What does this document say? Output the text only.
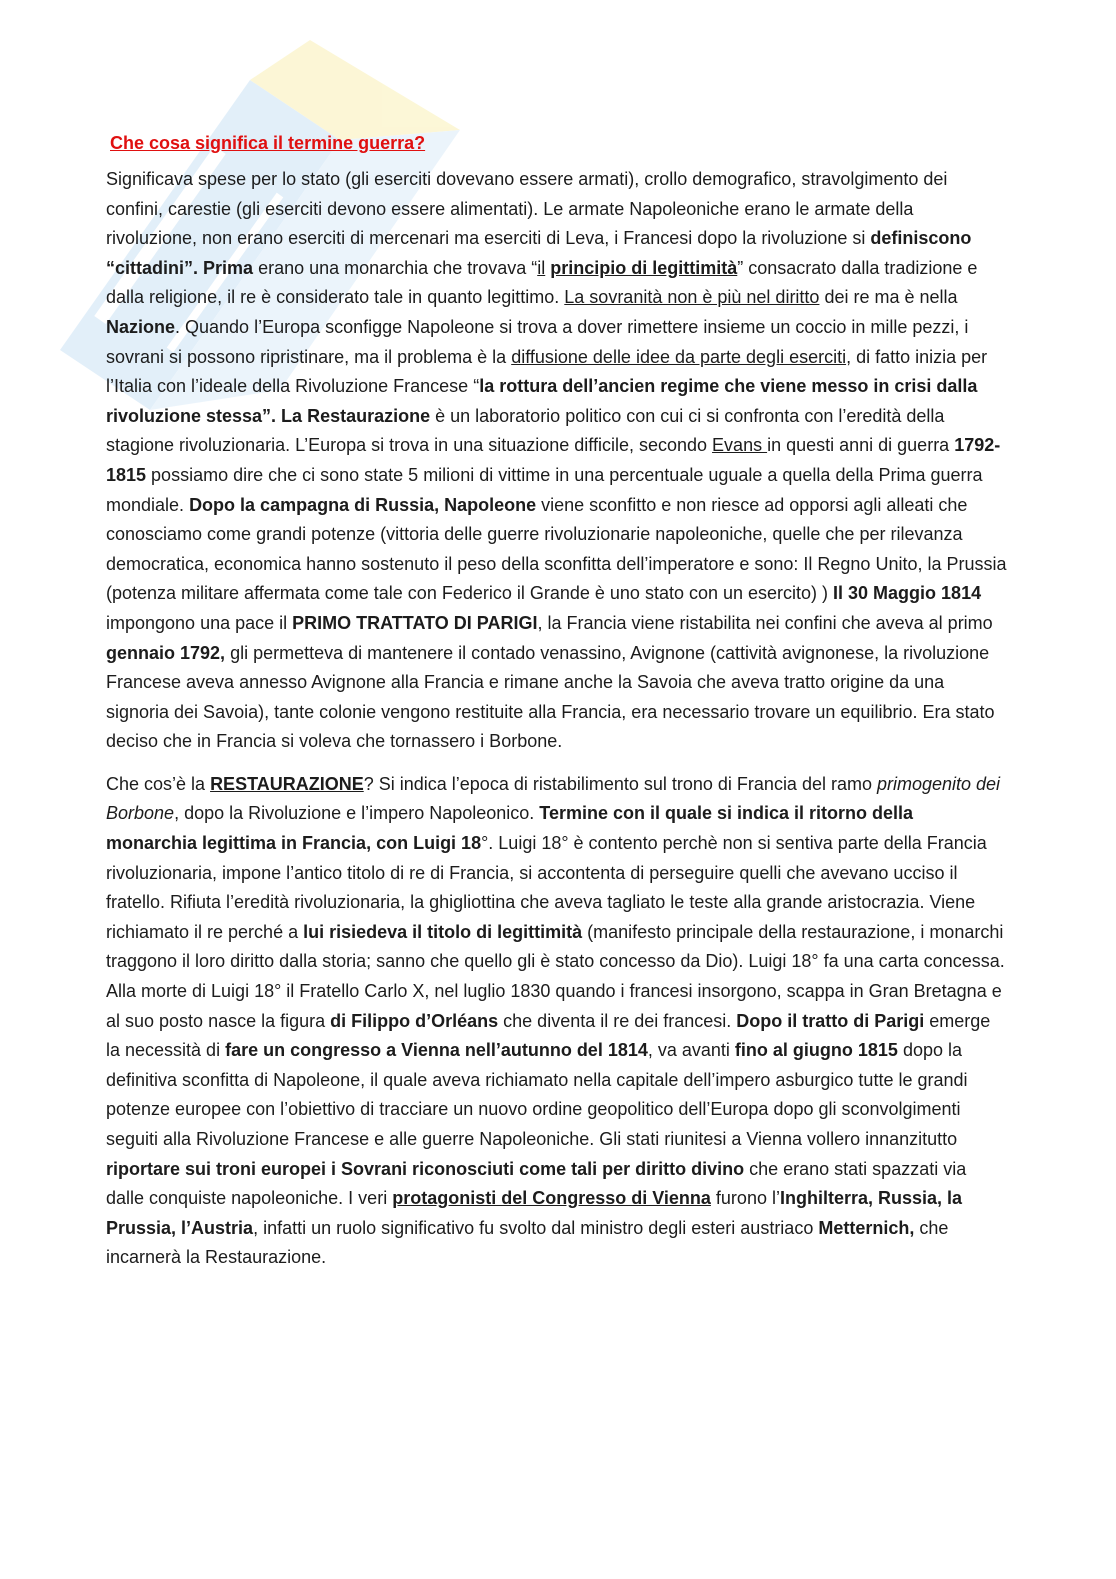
Che cosa significa il termine guerra?

Significava spese per lo stato (gli eserciti dovevano essere armati), crollo demografico, stravolgimento dei confini, carestie (gli eserciti devono essere alimentati). Le armate Napoleoniche erano le armate della rivoluzione, non erano eserciti di mercenari ma eserciti di Leva, i Francesi dopo la rivoluzione si definiscono “cittadini”. Prima erano una monarchia che trovava “il principio di legittimità” consacrato dalla tradizione e dalla religione, il re è considerato tale in quanto legittimo. La sovranità non è più nel diritto dei re ma è nella Nazione. Quando l’Europa sconfigge Napoleone si trova a dover rimettere insieme un coccio in mille pezzi, i sovrani si possono ripristinare, ma il problema è la diffusione delle idee da parte degli eserciti, di fatto inizia per l’Italia con l’ideale della Rivoluzione Francese “la rottura dell’ancien regime che viene messo in crisi dalla rivoluzione stessa”. La Restaurazione è un laboratorio politico con cui ci si confronta con l’eredità della stagione rivoluzionaria. L’Europa si trova in una situazione difficile, secondo Evans in questi anni di guerra 1792-1815 possiamo dire che ci sono state 5 milioni di vittime in una percentuale uguale a quella della Prima guerra mondiale. Dopo la campagna di Russia, Napoleone viene sconfitto e non riesce ad opporsi agli alleati che conosciamo come grandi potenze (vittoria delle guerre rivoluzionarie napoleoniche, quelle che per rilevanza democratica, economica hanno sostenuto il peso della sconfitta dell’imperatore e sono: Il Regno Unito, la Prussia (potenza militare affermata come tale con Federico il Grande è uno stato con un esercito) ) Il 30 Maggio 1814 impongono una pace il PRIMO TRATTATO DI PARIGI, la Francia viene ristabilita nei confini che aveva al primo gennaio 1792, gli permetteva di mantenere il contado venassino, Avignone (cattività avignonese, la rivoluzione Francese aveva annesso Avignone alla Francia e rimane anche la Savoia che aveva tratto origine da una signoria dei Savoia), tante colonie vengono restituite alla Francia, era necessario trovare un equilibrio. Era stato deciso che in Francia si voleva che tornassero i Borbone.

Che cos’è la RESTAURAZIONE? Si indica l’epoca di ristabilimento sul trono di Francia del ramo primogenito dei Borbone, dopo la Rivoluzione e l’impero Napoleonico. Termine con il quale si indica il ritorno della monarchia legittima in Francia, con Luigi 18°. Luigi 18° è contento perchè non si sentiva parte della Francia rivoluzionaria, impone l’antico titolo di re di Francia, si accontenta di perseguire quelli che avevano ucciso il fratello. Rifiuta l’eredità rivoluzionaria, la ghigliottina che aveva tagliato le teste alla grande aristocrazia. Viene richiamato il re perché a lui risiedeva il titolo di legittimità (manifesto principale della restaurazione, i monarchi traggono il loro diritto dalla storia; sanno che quello gli è stato concesso da Dio). Luigi 18° fa una carta concessa. Alla morte di Luigi 18° il Fratello Carlo X, nel luglio 1830 quando i francesi insorgono, scappa in Gran Bretagna e al suo posto nasce la figura di Filippo d’Orléans che diventa il re dei francesi. Dopo il tratto di Parigi emerge la necessità di fare un congresso a Vienna nell’autunno del 1814, va avanti fino al giugno 1815 dopo la definitiva sconfitta di Napoleone, il quale aveva richiamato nella capitale dell’impero asburgico tutte le grandi potenze europee con l’obiettivo di tracciare un nuovo ordine geopolitico dell’Europa dopo gli sconvolgimenti seguiti alla Rivoluzione Francese e alle guerre Napoleoniche. Gli stati riunitesi a Vienna vollero innanzitutto riportare sui troni europei i Sovrani riconosciuti come tali per diritto divino che erano stati spazzati via dalle conquiste napoleoniche. I veri protagonisti del Congresso di Vienna furono l’Inghilterra, Russia, la Prussia, l’Austria, infatti un ruolo significativo fu svolto dal ministro degli esteri austriaco Metternich, che incarnerà la Restaurazione.
